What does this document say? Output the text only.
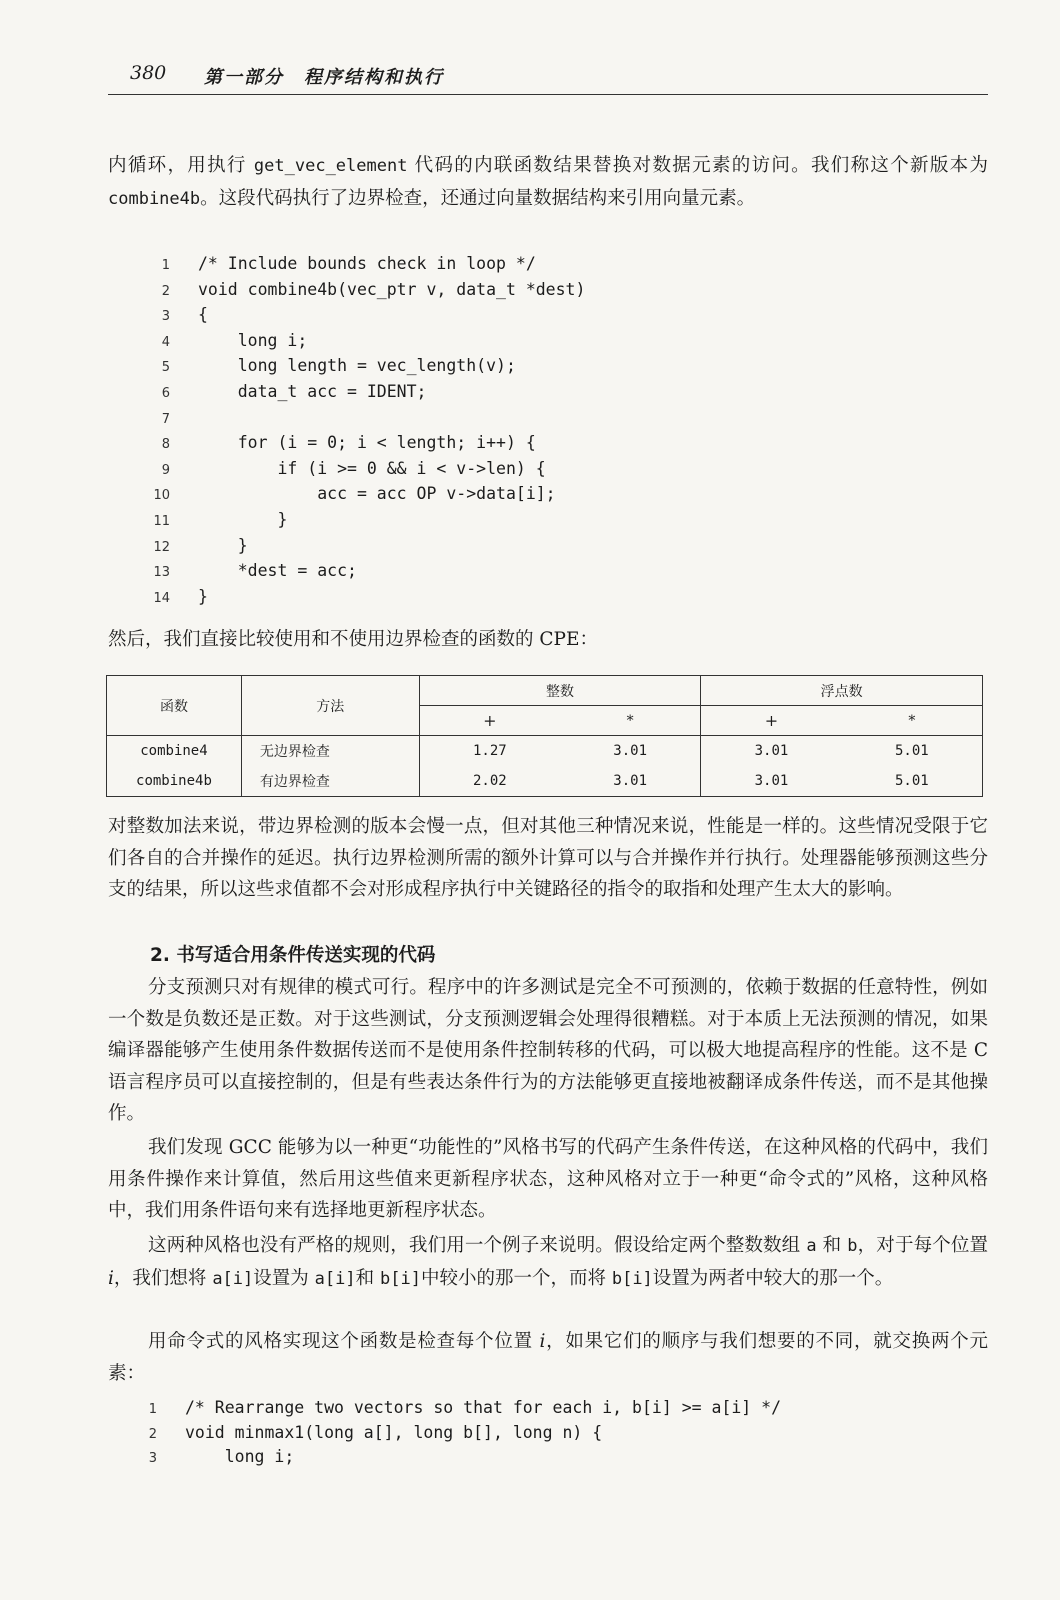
380 第一部分　程序结构和执行

内循环，用执行 get_vec_element 代码的内联函数结果替换对数据元素的访问。我们称这个新版本为 combine4b。这段代码执行了边界检查，还通过向量数据结构来引用向量元素。

1 /* Include bounds check in loop */
2 void combine4b(vec_ptr v, data_t *dest)
3 {
4 long i;
5 long length = vec_length(v);
6 data_t acc = IDENT;
7
8 for (i = 0; i < length; i++) {
9 if (i >= 0 && i < v->len) {
10 acc = acc OP v->data[i];
11 }
12 }
13 *dest = acc;
14 }

然后，我们直接比较使用和不使用边界检查的函数的 CPE：

函数	方法	整数		浮点数	
		+	*	+	*
combine4	无边界检查	1.27	3.01	3.01	5.01
combine4b	有边界检查	2.02	3.01	3.01	5.01

对整数加法来说，带边界检测的版本会慢一点，但对其他三种情况来说，性能是一样的。这些情况受限于它们各自的合并操作的延迟。执行边界检测所需的额外计算可以与合并操作并行执行。处理器能够预测这些分支的结果，所以这些求值都不会对形成程序执行中关键路径的指令的取指和处理产生太大的影响。

2. 书写适合用条件传送实现的代码

分支预测只对有规律的模式可行。程序中的许多测试是完全不可预测的，依赖于数据的任意特性，例如一个数是负数还是正数。对于这些测试，分支预测逻辑会处理得很糟糕。对于本质上无法预测的情况，如果编译器能够产生使用条件数据传送而不是使用条件控制转移的代码，可以极大地提高程序的性能。这不是 C 语言程序员可以直接控制的，但是有些表达条件行为的方法能够更直接地被翻译成条件传送，而不是其他操作。

我们发现 GCC 能够为以一种更“功能性的”风格书写的代码产生条件传送，在这种风格的代码中，我们用条件操作来计算值，然后用这些值来更新程序状态，这种风格对立于一种更“命令式的”风格，这种风格中，我们用条件语句来有选择地更新程序状态。

这两种风格也没有严格的规则，我们用一个例子来说明。假设给定两个整数数组 a 和 b，对于每个位置 i，我们想将 a[i]设置为 a[i]和 b[i]中较小的那一个，而将 b[i]设置为两者中较大的那一个。

用命令式的风格实现这个函数是检查每个位置 i，如果它们的顺序与我们想要的不同，就交换两个元素：

1 /* Rearrange two vectors so that for each i, b[i] >= a[i] */
2 void minmax1(long a[], long b[], long n) {
3 long i;
